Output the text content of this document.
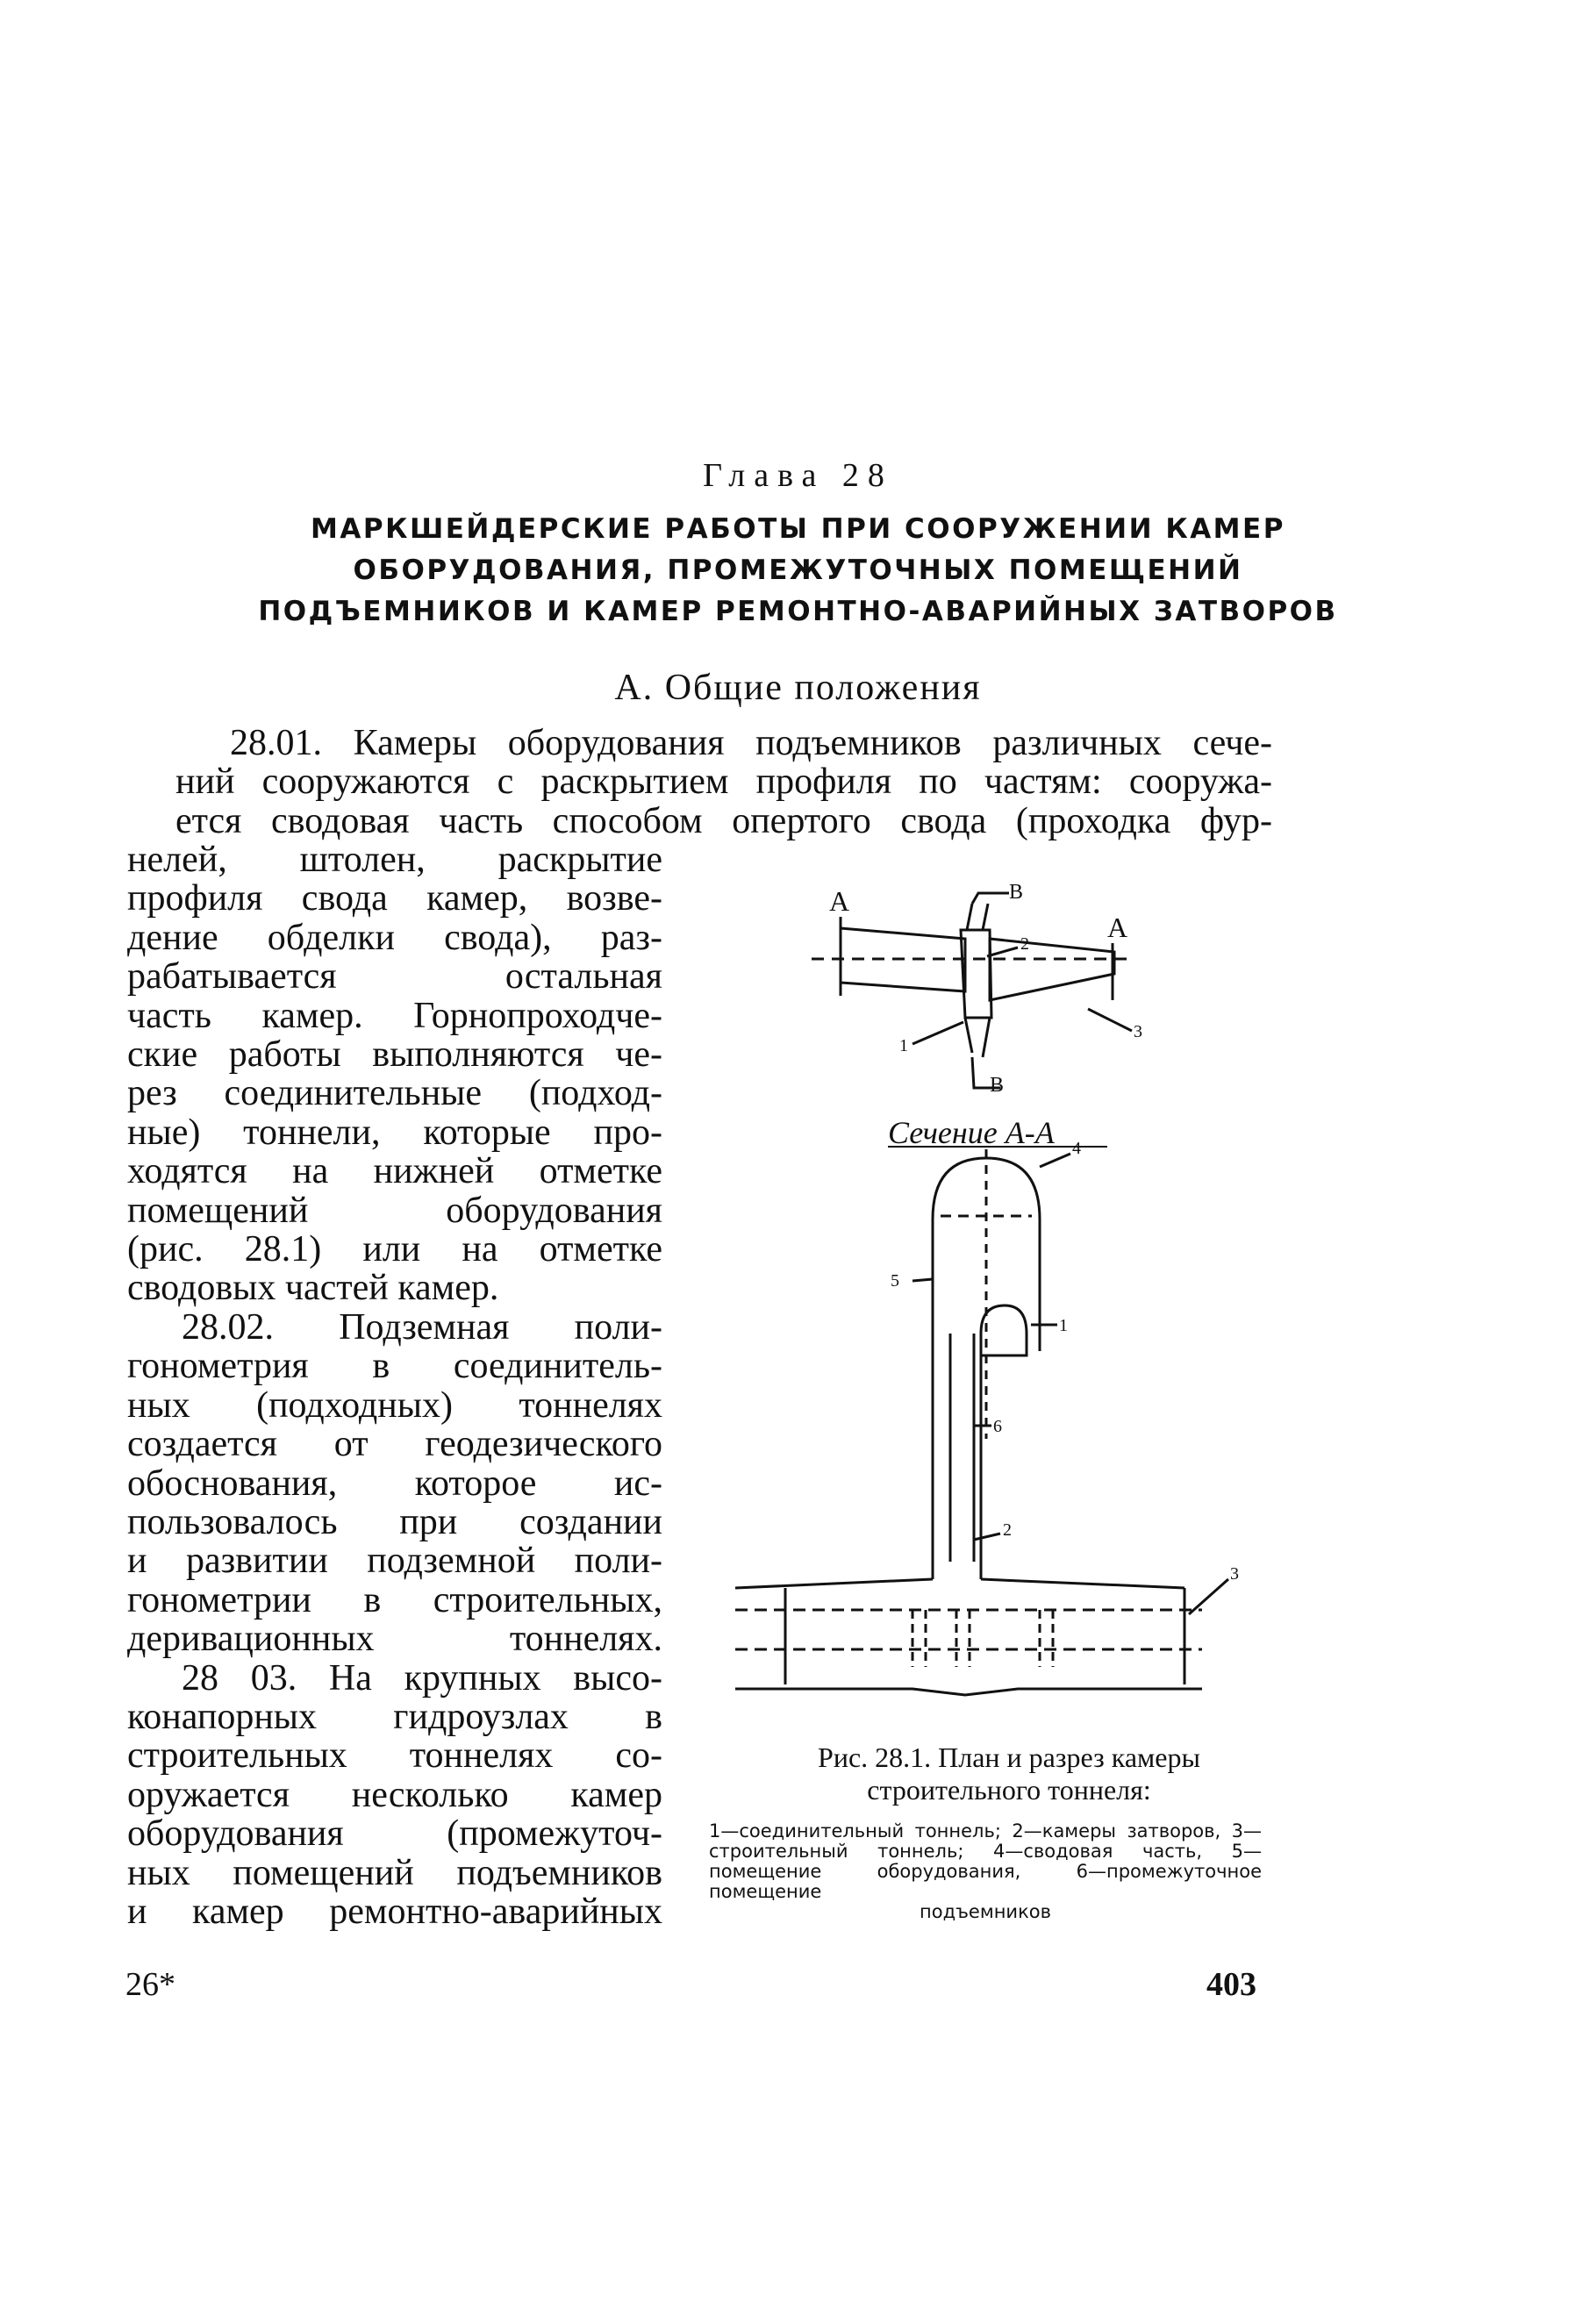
Глава 28
МАРКШЕЙДЕРСКИЕ РАБОТЫ ПРИ СООРУЖЕНИИ КАМЕР
ОБОРУДОВАНИЯ, ПРОМЕЖУТОЧНЫХ ПОМЕЩЕНИЙ
ПОДЪЕМНИКОВ И КАМЕР РЕМОНТНО-АВАРИЙНЫХ ЗАТВОРОВ
А. Общие положения
28.01. Камеры оборудования подъемников различных сече-
ний сооружаются с раскрытием профиля по частям: сооружа-
ется сводовая часть способом опертого свода (проходка фур-
нелей, штолен, раскрытие
профиля свода камер, возве-
дение обделки свода), раз-
рабатывается остальная
часть камер. Горнопроходче-
ские работы выполняются че-
рез соединительные (подход-
ные) тоннели, которые про-
ходятся на нижней отметке
помещений оборудования
(рис. 28.1) или на отметке
сводовых частей камер.
28.02. Подземная поли-
гонометрия в соединитель-
ных (подходных) тоннелях
создается от геодезического
обоснования, которое ис-
пользовалось при создании
и развитии подземной поли-
гонометрии в строительных,
деривационных тоннелях.
28 03. На крупных высо-
конапорных гидроузлах в
строительных тоннелях со-
оружается несколько камер
оборудования (промежуточ-
ных помещений подъемников
и камер ремонтно-аварийных
А
А
В
В
2
3
1
Сечение А-А 4
5
1
6
2
3
Рис. 28.1. План и разрез камеры
строительного тоннеля:
1—соединительный тоннель; 2—камеры затворов, 3—строительный тоннель; 4—сводовая часть, 5—помещение оборудования, 6—промежуточное помещение
подъемников
26*	403
